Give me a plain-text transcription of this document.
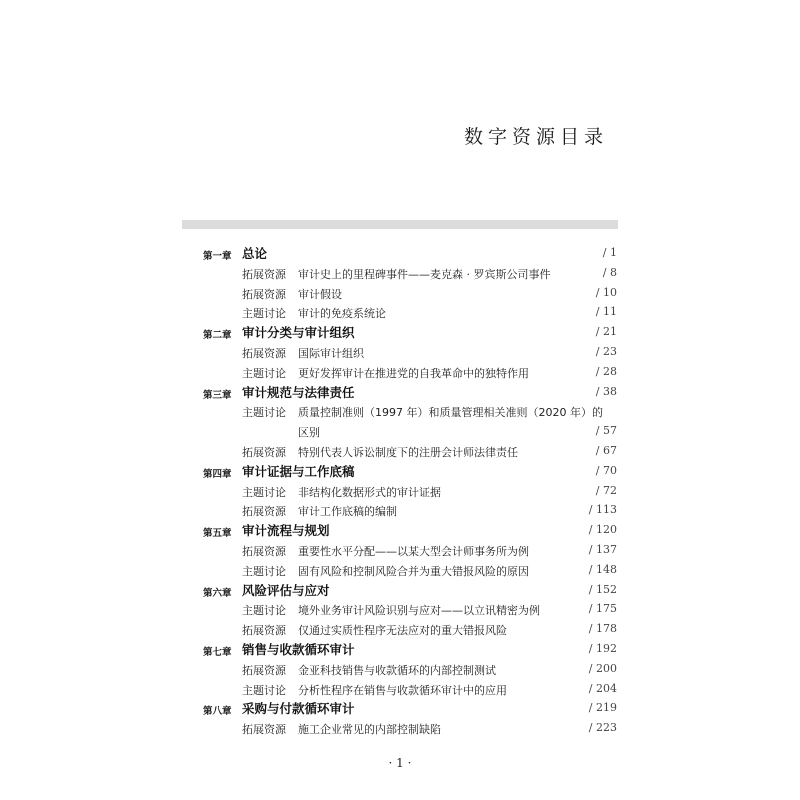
数字资源目录
第一章 总论	/ 1
拓展资源 审计史上的里程碑事件——麦克森 · 罗宾斯公司事件	/ 8
拓展资源 审计假设	/ 10
主题讨论 审计的免疫系统论	/ 11
第二章 审计分类与审计组织	/ 21
拓展资源 国际审计组织	/ 23
主题讨论 更好发挥审计在推进党的自我革命中的独特作用	/ 28
第三章 审计规范与法律责任	/ 38
主题讨论 质量控制准则（1997 年）和质量管理相关准则（2020 年）的
区别	/ 57
拓展资源 特别代表人诉讼制度下的注册会计师法律责任	/ 67
第四章 审计证据与工作底稿	/ 70
主题讨论 非结构化数据形式的审计证据	/ 72
拓展资源 审计工作底稿的编制	/ 113
第五章 审计流程与规划	/ 120
拓展资源 重要性水平分配——以某大型会计师事务所为例	/ 137
主题讨论 固有风险和控制风险合并为重大错报风险的原因	/ 148
第六章 风险评估与应对	/ 152
主题讨论 境外业务审计风险识别与应对——以立讯精密为例	/ 175
拓展资源 仅通过实质性程序无法应对的重大错报风险	/ 178
第七章 销售与收款循环审计	/ 192
拓展资源 金亚科技销售与收款循环的内部控制测试	/ 200
主题讨论 分析性程序在销售与收款循环审计中的应用	/ 204
第八章 采购与付款循环审计	/ 219
拓展资源 施工企业常见的内部控制缺陷	/ 223
· 1 ·
